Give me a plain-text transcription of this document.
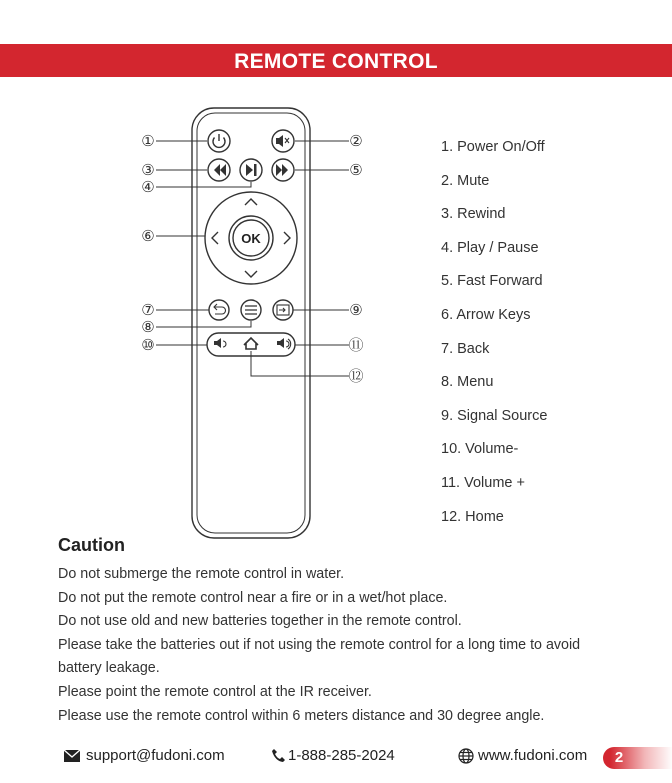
REMOTE CONTROL
OK
①	②
③
④
⑤
⑥
⑦
⑧
⑨
⑩	⑪
⑫
1. Power On/Off
2. Mute
3. Rewind
4. Play / Pause
5. Fast Forward
6. Arrow Keys
7. Back
8. Menu
9. Signal Source
10. Volume-
11. Volume +
12. Home
Caution
Do not submerge the remote control in water.
Do not put the remote control near a fire or in a wet/hot place.
Do not use old and new batteries together in the remote control.
Please take the batteries out if not using the remote control for a long time to avoid battery leakage.
Please point the remote control at the IR receiver.
Please use the remote control within 6 meters distance and 30 degree angle.
support@fudoni.com	1-888-285-2024	www.fudoni.com	2
